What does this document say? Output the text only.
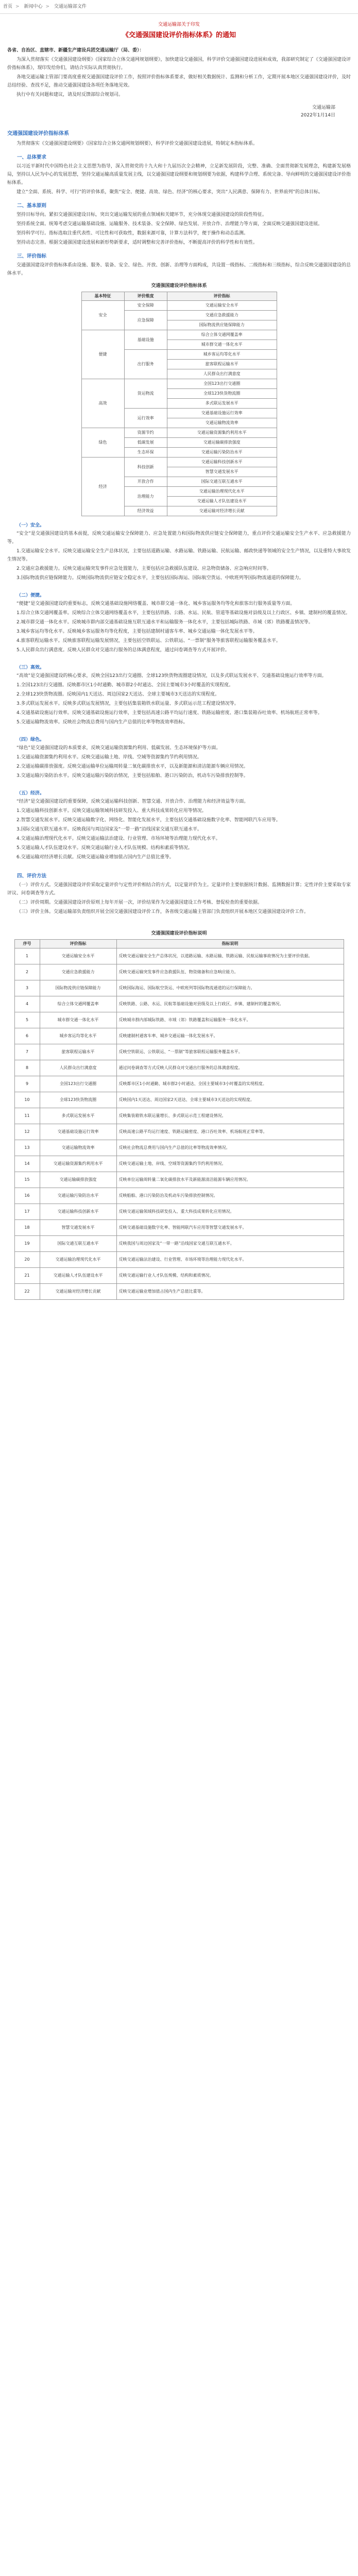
首页 > 新闻中心 > 交通运输部文件
交通运输部关于印发
《交通强国建设评价指标体系》的通知

各省、自治区、直辖市、新疆生产建设兵团交通运输厅（局、委）：

为深入贯彻落实《交通强国建设纲要》《国家综合立体交通网规划纲要》，加快建设交通强国，科学评价交通强国建设进展和成效，我部研究制定了《交通强国建设评价指标体系》，现印发给你们，请结合实际认真贯彻执行。

各地交通运输主管部门要高度重视交通强国建设评价工作，按照评价指标体系要求，做好相关数据统计、监测和分析工作，定期开展本地区交通强国建设评价，及时总结经验、查找不足，推动交通强国建设各项任务落地见效。

执行中有关问题和建议，请及时反馈部综合规划司。

交通运输部
2022年1月14日
交通强国建设评价指标体系

为贯彻落实《交通强国建设纲要》《国家综合立体交通网规划纲要》，科学评价交通强国建设进展，特制定本指标体系。

一、总体要求

以习近平新时代中国特色社会主义思想为指导，深入贯彻党的十九大和十九届历次全会精神，立足新发展阶段，完整、准确、全面贯彻新发展理念，构建新发展格局，坚持以人民为中心的发展思想，坚持交通运输高质量发展主线，以交通强国建设纲要和规划纲要为依据，构建科学合理、系统完备、导向鲜明的交通强国建设评价指标体系。

建立“全面、系统、科学、可行”的评价体系，聚焦“安全、便捷、高效、绿色、经济”的核心要求，突出“人民满意、保障有力、世界前列”的总体目标。

二、基本原则

坚持目标导向。紧扣交通强国建设目标，突出交通运输发展的重点领域和关键环节，充分体现交通强国建设的阶段性特征。

坚持系统全面。统筹考虑交通运输基础设施、运输服务、技术装备、安全保障、绿色发展、开放合作、治理能力等方面，全面反映交通强国建设进展。

坚持科学可行。指标选取注重代表性、可比性和可获取性，数据来源可靠，计算方法科学，便于操作和动态监测。

坚持动态完善。根据交通强国建设进展和新形势新要求，适时调整和完善评价指标，不断提高评价的科学性和有效性。

三、评价指标

交通强国建设评价指标体系由设施、服务、装备、安全、绿色、开放、创新、治理等方面构成，共设置一级指标、二级指标和三级指标，综合反映交通强国建设的总体水平。

交通强国建设评价指标体系
基本特征	评价维度	评价指标
安全	安全保障	交通运输安全水平
	应急保障	交通应急救援能力
		国际物流供应链保障能力
便捷	基础设施	综合立体交通网覆盖率
		城市群交通一体化水平
	出行服务	城乡客运均等化水平
		旅客联程运输水平
		人民群众出行满意度
高效	货运物流	全国123出行交通圈
		全球123快货物流圈
		多式联运发展水平
	运行效率	交通基础设施运行效率
		交通运输物流效率
绿色	资源节约	交通运输资源集约利用水平
	低碳发展	交通运输碳排放强度
	生态环保	交通运输污染防治水平
经济	科技创新	交通运输科技创新水平
		智慧交通发展水平
	开放合作	国际交通互联互通水平
	治理能力	交通运输治理现代化水平
		交通运输人才队伍建设水平
	经济效益	交通运输对经济增长贡献
（一）安全。

“安全”是交通强国建设的基本前提，反映交通运输安全保障能力、应急处置能力和国际物流供应链安全保障能力，重点评价交通运输安全生产水平、应急救援能力等。

1.交通运输安全水平。反映交通运输安全生产总体状况，主要包括道路运输、水路运输、铁路运输、民航运输、邮政快递等领域的安全生产情况，以及重特大事故发生情况等。

2.交通应急救援能力。反映交通运输突发事件应急处置能力，主要包括应急救援队伍建设、应急物资储备、应急响应时间等。

3.国际物流供应链保障能力。反映国际物流供应链安全稳定水平，主要包括国际海运、国际航空货运、中欧班列等国际物流通道的保障能力。

（二）便捷。

“便捷”是交通强国建设的重要标志，反映交通基础设施网络覆盖、城市群交通一体化、城乡客运服务均等化和旅客出行服务质量等方面。

1.综合立体交通网覆盖率。反映综合立体交通网络覆盖水平，主要包括铁路、公路、水运、民航、管道等基础设施对县级及以上行政区、乡镇、建制村的覆盖情况。

2.城市群交通一体化水平。反映城市群内部交通基础设施互联互通水平和运输服务一体化水平，主要包括城际铁路、市域（郊）铁路覆盖情况等。

3.城乡客运均等化水平。反映城乡客运服务均等化程度，主要包括建制村通客车率、城乡交通运输一体化发展水平等。

4.旅客联程运输水平。反映旅客联程运输发展情况，主要包括空铁联运、公铁联运、“一票制”服务等旅客联程运输服务覆盖水平。

5.人民群众出行满意度。反映人民群众对交通出行服务的总体满意程度，通过问卷调查等方式开展评价。

（三）高效。

“高效”是交通强国建设的核心要求，反映全国123出行交通圈、全球123快货物流圈建设情况，以及多式联运发展水平、交通基础设施运行效率等方面。

1.全国123出行交通圈。反映都市区1小时通勤、城市群2小时通达、全国主要城市3小时覆盖的实现程度。

2.全球123快货物流圈。反映国内1天送达、周边国家2天送达、全球主要城市3天送达的实现程度。

3.多式联运发展水平。反映多式联运发展情况，主要包括集装箱铁水联运量、多式联运示范工程建设情况等。

4.交通基础设施运行效率。反映交通基础设施运行效率，主要包括高速公路平均运行速度、铁路运输密度、港口集装箱吞吐效率、机场航班正常率等。

5.交通运输物流效率。反映社会物流总费用与国内生产总值的比率等物流效率指标。

（四）绿色。

“绿色”是交通强国建设的本质要求，反映交通运输资源集约利用、低碳发展、生态环境保护等方面。

1.交通运输资源集约利用水平。反映交通运输土地、岸线、空域等资源集约节约利用情况。

2.交通运输碳排放强度。反映交通运输单位运输周转量二氧化碳排放水平，以及新能源和清洁能源车辆应用情况。

3.交通运输污染防治水平。反映交通运输污染防治情况，主要包括船舶、港口污染防治，机动车污染排放控制等。

（五）经济。

“经济”是交通强国建设的重要保障，反映交通运输科技创新、智慧交通、开放合作、治理能力和经济效益等方面。

1.交通运输科技创新水平。反映交通运输领域科技研发投入、重大科技成果转化应用等情况。

2.智慧交通发展水平。反映交通运输数字化、网络化、智能化发展水平，主要包括交通基础设施数字化率、智能网联汽车应用等。

3.国际交通互联互通水平。反映我国与周边国家及“一带一路”沿线国家交通互联互通水平。

4.交通运输治理现代化水平。反映交通运输法治建设、行业管理、市场环境等治理能力现代化水平。

5.交通运输人才队伍建设水平。反映交通运输行业人才队伍规模、结构和素质等情况。

6.交通运输对经济增长贡献。反映交通运输业增加值占国内生产总值比重等。

四、评价方法

（一）评价方式。交通强国建设评价采取定量评价与定性评价相结合的方式，以定量评价为主。定量评价主要依据统计数据、监测数据计算；定性评价主要采取专家评议、问卷调查等方式。

（二）评价周期。交通强国建设评价原则上每年开展一次，评价结果作为交通强国建设工作考核、督促检查的重要依据。

（三）评价主体。交通运输部负责组织开展全国交通强国建设评价工作，各省级交通运输主管部门负责组织开展本地区交通强国建设评价工作。

交通强国建设评价指标说明
序号	评价指标	指标说明
1	交通运输安全水平	反映交通运输安全生产总体状况，以道路运输、水路运输、铁路运输、民航运输事故情况为主要评价依据。
2	交通应急救援能力	反映交通运输突发事件应急救援队伍、物资储备和应急响应能力。
3	国际物流供应链保障能力	反映国际海运、国际航空货运、中欧班列等国际物流通道的运行保障能力。
4	综合立体交通网覆盖率	反映铁路、公路、水运、民航等基础设施对县级及以上行政区、乡镇、建制村的覆盖情况。
5	城市群交通一体化水平	反映城市群内部城际铁路、市域（郊）铁路覆盖和运输服务一体化水平。
6	城乡客运均等化水平	反映建制村通客车率、城乡交通运输一体化发展水平。
7	旅客联程运输水平	反映空铁联运、公铁联运、“一票制”等旅客联程运输服务覆盖水平。
8	人民群众出行满意度	通过问卷调查等方式反映人民群众对交通出行服务的总体满意程度。
9	全国123出行交通圈	反映都市区1小时通勤、城市群2小时通达、全国主要城市3小时覆盖的实现程度。
10	全球123快货物流圈	反映国内1天送达、周边国家2天送达、全球主要城市3天送达的实现程度。
11	多式联运发展水平	反映集装箱铁水联运量增长、多式联运示范工程建设情况。
12	交通基础设施运行效率	反映高速公路平均运行速度、铁路运输密度、港口吞吐效率、机场航班正常率等。
13	交通运输物流效率	反映社会物流总费用与国内生产总值的比率等物流效率情况。
14	交通运输资源集约利用水平	反映交通运输土地、岸线、空域等资源集约节约利用情况。
15	交通运输碳排放强度	反映单位运输周转量二氧化碳排放水平及新能源清洁能源车辆应用情况。
16	交通运输污染防治水平	反映船舶、港口污染防治及机动车污染排放控制情况。
17	交通运输科技创新水平	反映交通运输领域科技研发投入、重大科技成果转化应用情况。
18	智慧交通发展水平	反映交通基础设施数字化率、智能网联汽车应用等智慧交通发展水平。
19	国际交通互联互通水平	反映我国与周边国家及“一带一路”沿线国家交通互联互通水平。
20	交通运输治理现代化水平	反映交通运输法治建设、行业管理、市场环境等治理能力现代化水平。
21	交通运输人才队伍建设水平	反映交通运输行业人才队伍规模、结构和素质情况。
22	交通运输对经济增长贡献	反映交通运输业增加值占国内生产总值比重等。
